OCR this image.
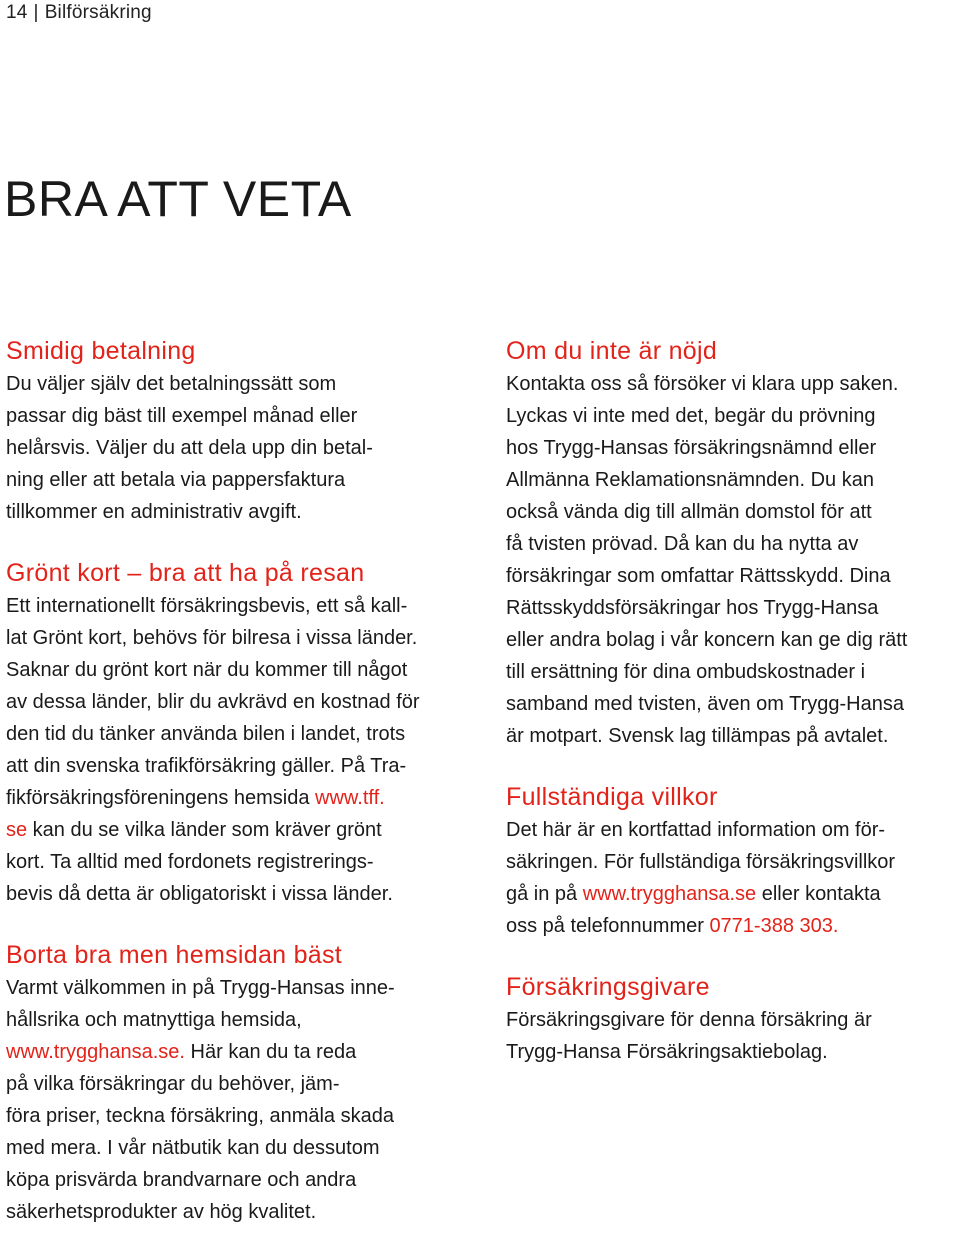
14 | Bilförsäkring
BRA ATT VETA
Smidig betalning

Du väljer själv det betalningssätt som
passar dig bäst till exempel månad eller
helårsvis. Väljer du att dela upp din betal-
ning eller att betala via pappersfaktura
tillkommer en administrativ avgift.

Grönt kort – bra att ha på resan

Ett internationellt försäkringsbevis, ett så kall-
lat Grönt kort, behövs för bilresa i vissa länder.
Saknar du grönt kort när du kommer till något
av dessa länder, blir du avkrävd en kostnad för
den tid du tänker använda bilen i landet, trots
att din svenska trafikförsäkring gäller. På Tra-
fikförsäkringsföreningens hemsida www.tff.
se kan du se vilka länder som kräver grönt
kort. Ta alltid med fordonets registrerings-
bevis då detta är obligatoriskt i vissa länder.

Borta bra men hemsidan bäst

Varmt välkommen in på Trygg-Hansas inne-
hållsrika och matnyttiga hemsida,
www.trygghansa.se. Här kan du ta reda
på vilka försäkringar du behöver, jäm-
föra priser, teckna försäkring, anmäla skada
med mera. I vår nätbutik kan du dessutom
köpa prisvärda brandvarnare och andra
säkerhetsprodukter av hög kvalitet.

Om du inte är nöjd

Kontakta oss så försöker vi klara upp saken.
Lyckas vi inte med det, begär du prövning
hos Trygg-Hansas försäkringsnämnd eller
Allmänna Reklamationsnämnden. Du kan
också vända dig till allmän domstol för att
få tvisten prövad. Då kan du ha nytta av
försäkringar som omfattar Rättsskydd. Dina
Rättsskyddsförsäkringar hos Trygg-Hansa
eller andra bolag i vår koncern kan ge dig rätt
till ersättning för dina ombudskostnader i
samband med tvisten, även om Trygg-Hansa
är motpart. Svensk lag tillämpas på avtalet.

Fullständiga villkor

Det här är en kortfattad information om för-
säkringen. För fullständiga försäkringsvillkor
gå in på www.trygghansa.se eller kontakta
oss på telefonnummer 0771-388 303.

Försäkringsgivare

Försäkringsgivare för denna försäkring är
Trygg-Hansa Försäkringsaktiebolag.
